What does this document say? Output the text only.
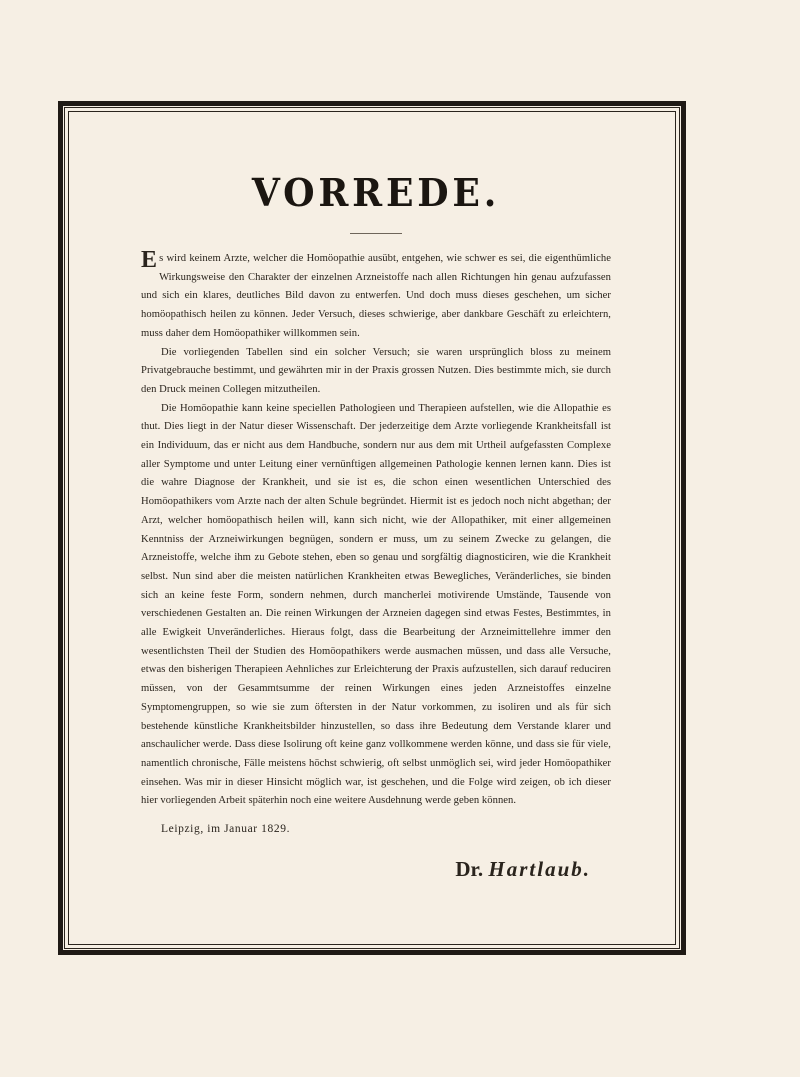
VORREDE.

Es wird keinem Arzte, welcher die Homöopathie ausübt, entgehen, wie schwer es sei, die eigenthümliche Wirkungsweise den Charakter der einzelnen Arzneistoffe nach allen Richtungen hin genau aufzufassen und sich ein klares, deutliches Bild davon zu entwerfen. Und doch muss dieses geschehen, um sicher homöopathisch heilen zu können. Jeder Versuch, dieses schwierige, aber dankbare Geschäft zu erleichtern, muss daher dem Homöopathiker willkommen sein.

Die vorliegenden Tabellen sind ein solcher Versuch; sie waren ursprünglich bloss zu meinem Privatgebrauche bestimmt, und gewährten mir in der Praxis grossen Nutzen. Dies bestimmte mich, sie durch den Druck meinen Collegen mitzutheilen.

Die Homöopathie kann keine speciellen Pathologieen und Therapieen aufstellen, wie die Allopathie es thut. Dies liegt in der Natur dieser Wissenschaft. Der jederzeitige dem Arzte vorliegende Krankheitsfall ist ein Individuum, das er nicht aus dem Handbuche, sondern nur aus dem mit Urtheil aufgefassten Complexe aller Symptome und unter Leitung einer vernünftigen allgemeinen Pathologie kennen lernen kann. Dies ist die wahre Diagnose der Krankheit, und sie ist es, die schon einen wesentlichen Unterschied des Homöopathikers vom Arzte nach der alten Schule begründet. Hiermit ist es jedoch noch nicht abgethan; der Arzt, welcher homöopathisch heilen will, kann sich nicht, wie der Allopathiker, mit einer allgemeinen Kenntniss der Arzneiwirkungen begnügen, sondern er muss, um zu seinem Zwecke zu gelangen, die Arzneistoffe, welche ihm zu Gebote stehen, eben so genau und sorgfältig diagnosticiren, wie die Krankheit selbst. Nun sind aber die meisten natürlichen Krankheiten etwas Bewegliches, Veränderliches, sie binden sich an keine feste Form, sondern nehmen, durch mancherlei motivirende Umstände, Tausende von verschiedenen Gestalten an. Die reinen Wirkungen der Arzneien dagegen sind etwas Festes, Bestimmtes, in alle Ewigkeit Unveränderliches. Hieraus folgt, dass die Bearbeitung der Arzneimittellehre immer den wesentlichsten Theil der Studien des Homöopathikers werde ausmachen müssen, und dass alle Versuche, etwas den bisherigen Therapieen Aehnliches zur Erleichterung der Praxis aufzustellen, sich darauf reduciren müssen, von der Gesammtsumme der reinen Wirkungen eines jeden Arzneistoffes einzelne Symptomengruppen, so wie sie zum öftersten in der Natur vorkommen, zu isoliren und als für sich bestehende künstliche Krankheitsbilder hinzustellen, so dass ihre Bedeutung dem Verstande klarer und anschaulicher werde. Dass diese Isolirung oft keine ganz vollkommene werden könne, und dass sie für viele, namentlich chronische, Fälle meistens höchst schwierig, oft selbst unmöglich sei, wird jeder Homöopathiker einsehen. Was mir in dieser Hinsicht möglich war, ist geschehen, und die Folge wird zeigen, ob ich dieser hier vorliegenden Arbeit späterhin noch eine weitere Ausdehnung werde geben können.

Leipzig, im Januar 1829.
Dr. Hartlaub.
